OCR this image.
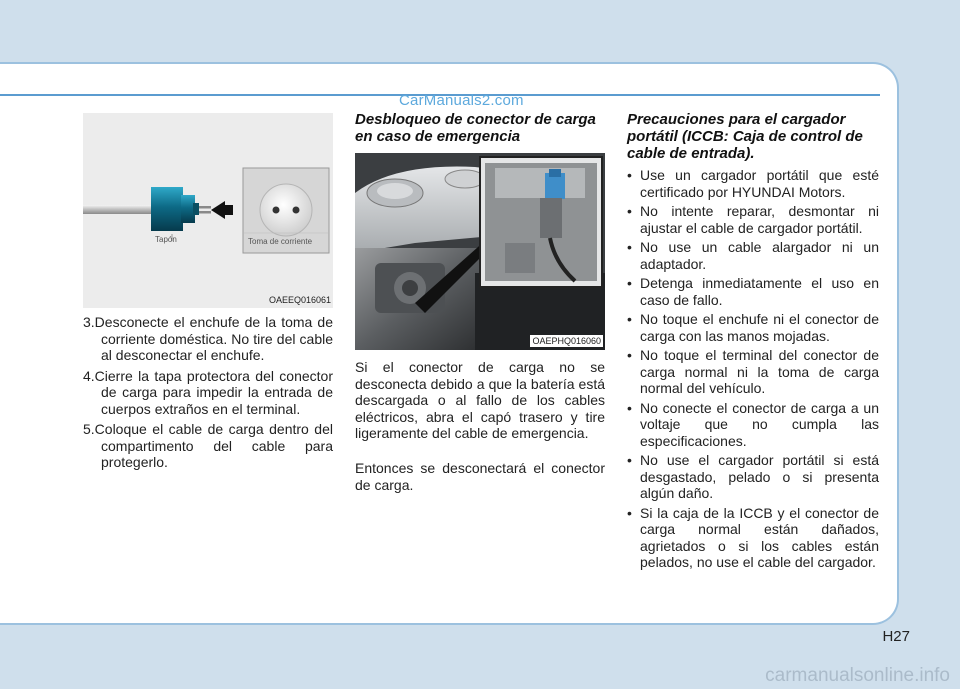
CarManuals2.com
Tapón	Toma de corriente
OAEEQ016061
3.Desconecte el enchufe de la toma de corriente doméstica. No tire del cable al desconectar el enchufe.
4.Cierre la tapa protectora del conector de carga para impedir la entrada de cuerpos extraños en el terminal.
5.Coloque el cable de carga dentro del compartimento del cable para protegerlo.
Desbloqueo de conector de carga en caso de emergencia
OAEPHQ016060
Si el conector de carga no se desconecta debido a que la batería está descargada o al fallo de los cables eléctricos, abra el capó trasero y tire ligeramente del cable de emergencia.
Entonces se desconectará el conector de carga.
Precauciones para el cargador portátil (ICCB: Caja de control de cable de entrada).
• Use un cargador portátil que esté certificado por HYUNDAI Motors.
• No intente reparar, desmontar ni ajustar el cable de cargador portátil.
• No use un cable alargador ni un adaptador.
• Detenga inmediatamente el uso en caso de fallo.
• No toque el enchufe ni el conector de carga con las manos mojadas.
• No toque el terminal del conector de carga normal ni la toma de carga normal del vehículo.
• No conecte el conector de carga a un voltaje que no cumpla las especificaciones.
• No use el cargador portátil si está desgastado, pelado o si presenta algún daño.
• Si la caja de la ICCB y el conector de carga normal están dañados, agrietados o si los cables están pelados, no use el cable del cargador.
H27
carmanualsonline.info
